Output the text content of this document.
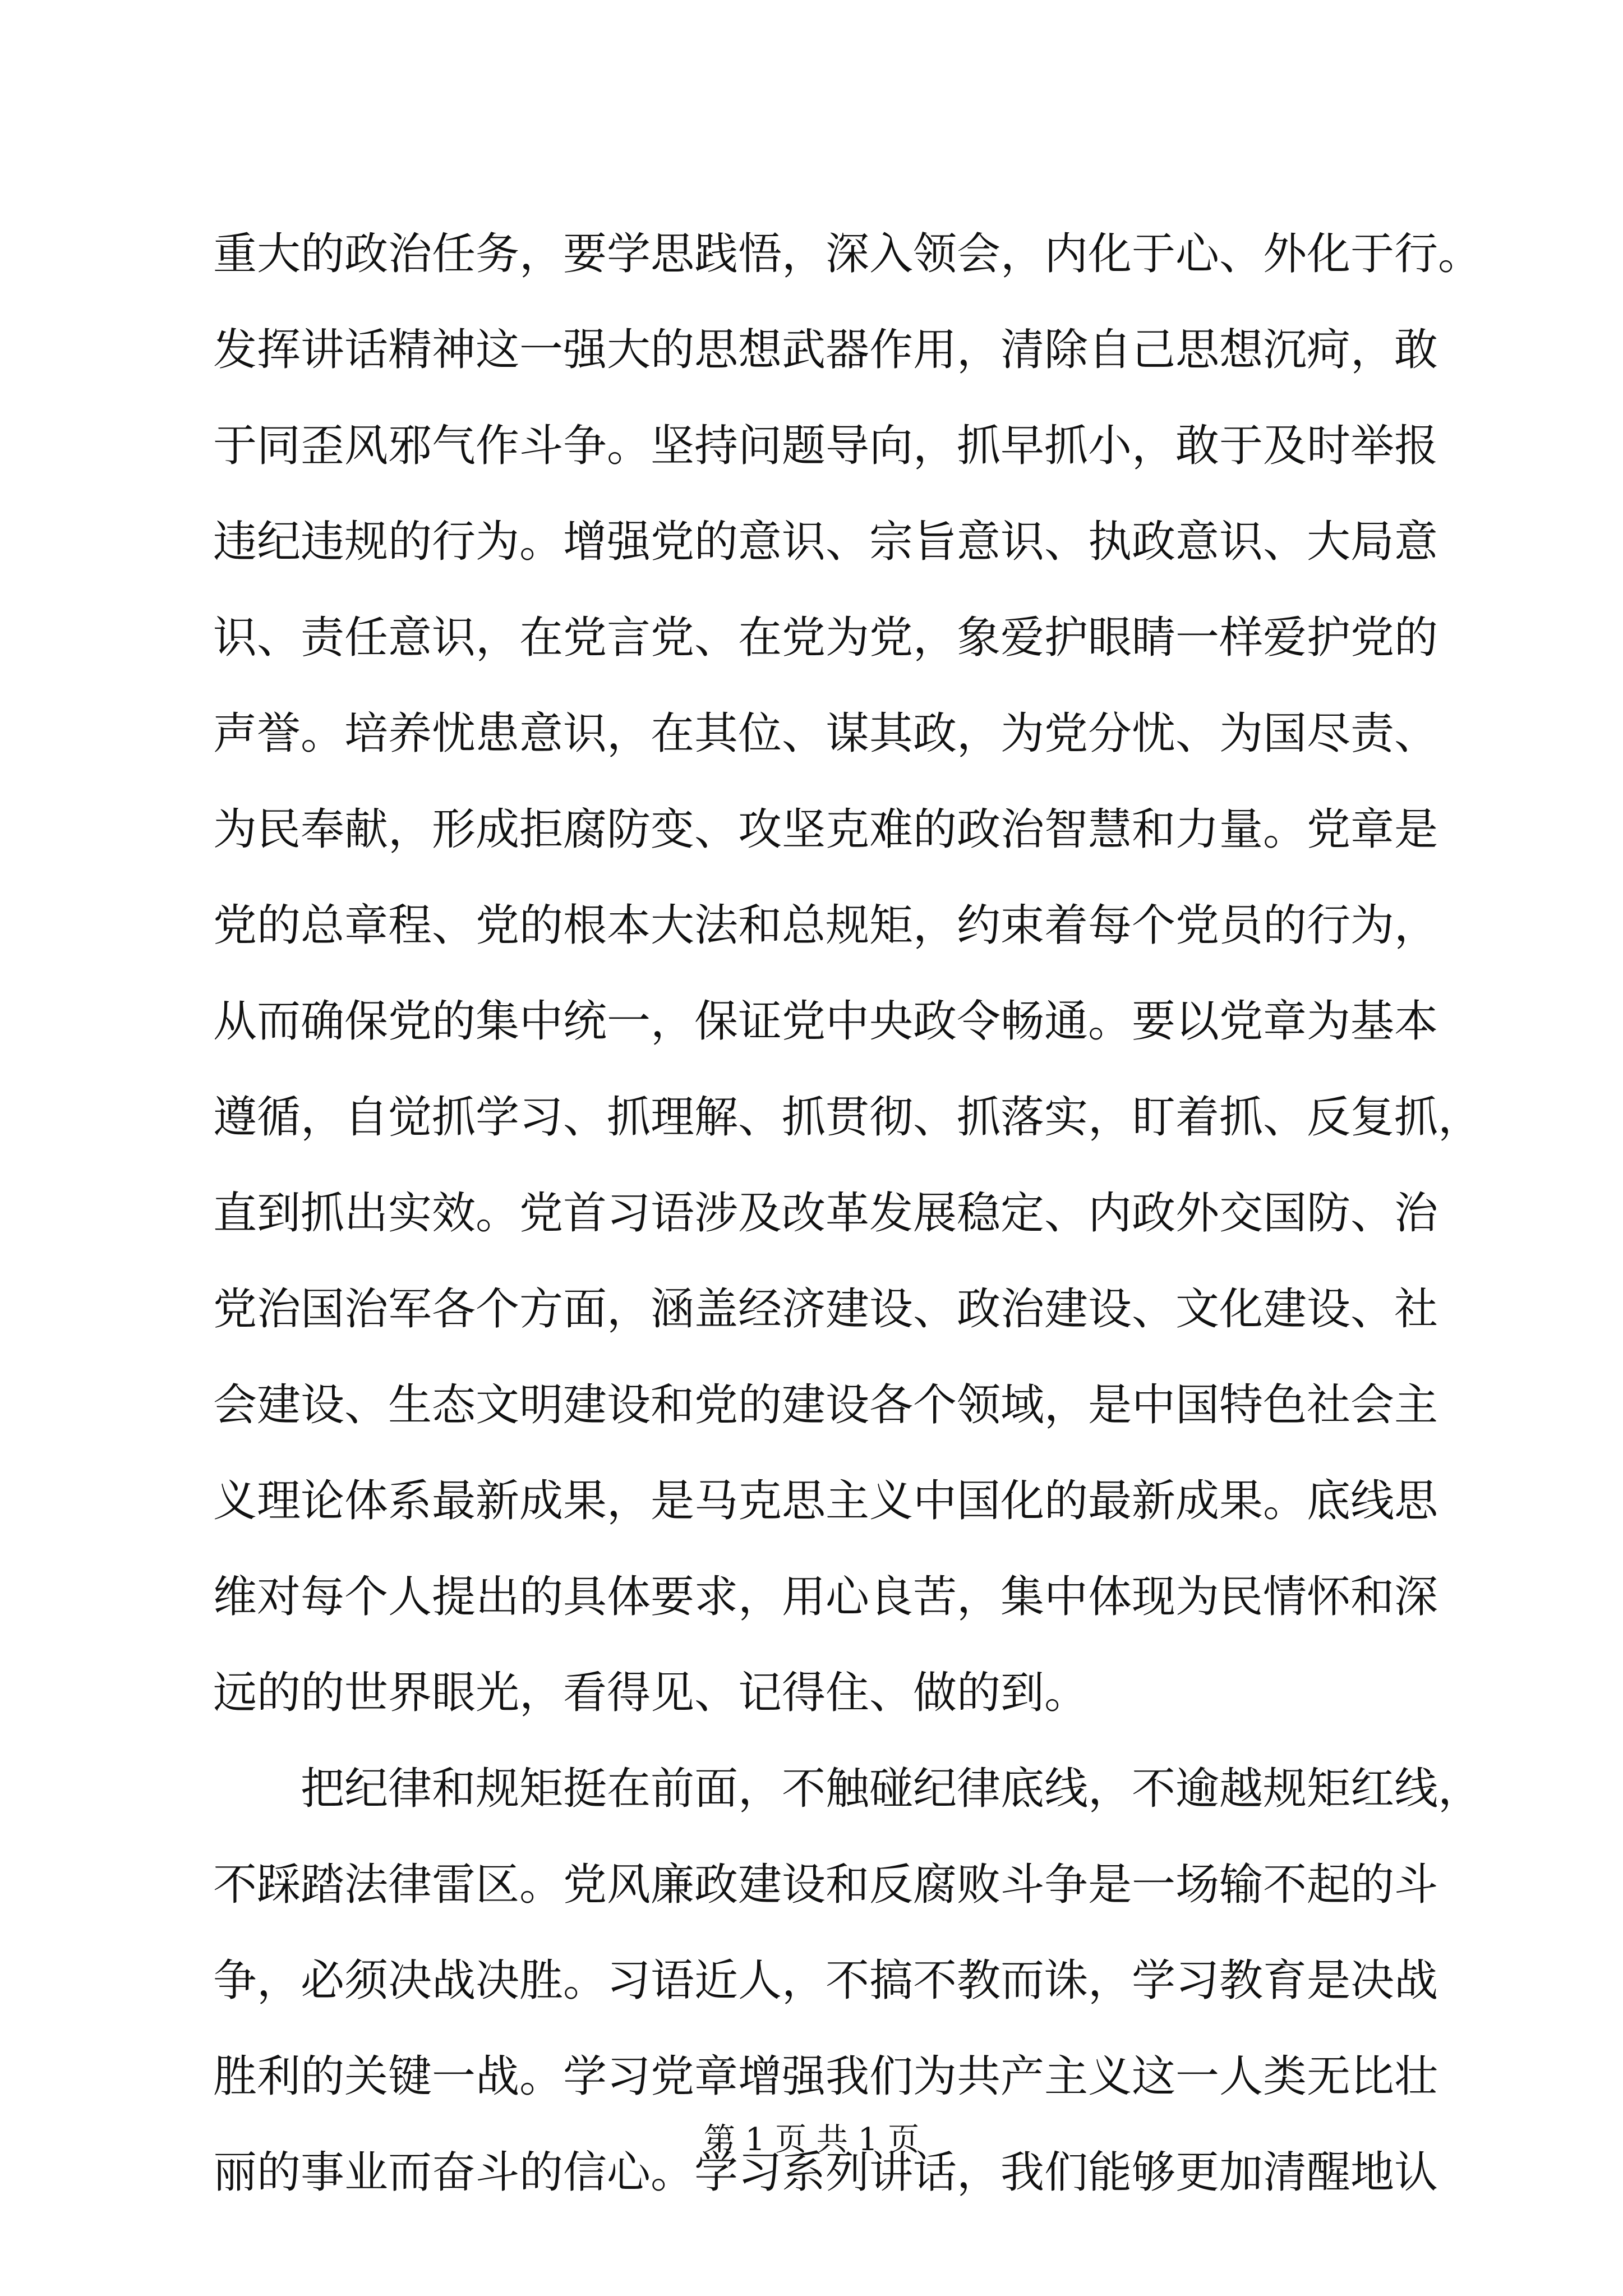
重大的政治任务，要学思践悟，深入领会，内化于心、外化于行。
发挥讲话精神这一强大的思想武器作用，清除自己思想沉疴，敢
于同歪风邪气作斗争。坚持问题导向，抓早抓小，敢于及时举报
违纪违规的行为。增强党的意识、宗旨意识、执政意识、大局意
识、责任意识，在党言党、在党为党，象爱护眼睛一样爱护党的
声誉。培养忧患意识，在其位、谋其政，为党分忧、为国尽责、
为民奉献，形成拒腐防变、攻坚克难的政治智慧和力量。党章是
党的总章程、党的根本大法和总规矩，约束着每个党员的行为，
从而确保党的集中统一，保证党中央政令畅通。要以党章为基本
遵循，自觉抓学习、抓理解、抓贯彻、抓落实，盯着抓、反复抓，
直到抓出实效。党首习语涉及改革发展稳定、内政外交国防、治
党治国治军各个方面，涵盖经济建设、政治建设、文化建设、社
会建设、生态文明建设和党的建设各个领域，是中国特色社会主
义理论体系最新成果，是马克思主义中国化的最新成果。底线思
维对每个人提出的具体要求，用心良苦，集中体现为民情怀和深
远的的世界眼光，看得见、记得住、做的到。
把纪律和规矩挺在前面，不触碰纪律底线，不逾越规矩红线，
不踩踏法律雷区。党风廉政建设和反腐败斗争是一场输不起的斗
争，必须决战决胜。习语近人，不搞不教而诛，学习教育是决战
胜利的关键一战。学习党章增强我们为共产主义这一人类无比壮
丽的事业而奋斗的信心。学习系列讲话，我们能够更加清醒地认
第 1 页 共 1 页
